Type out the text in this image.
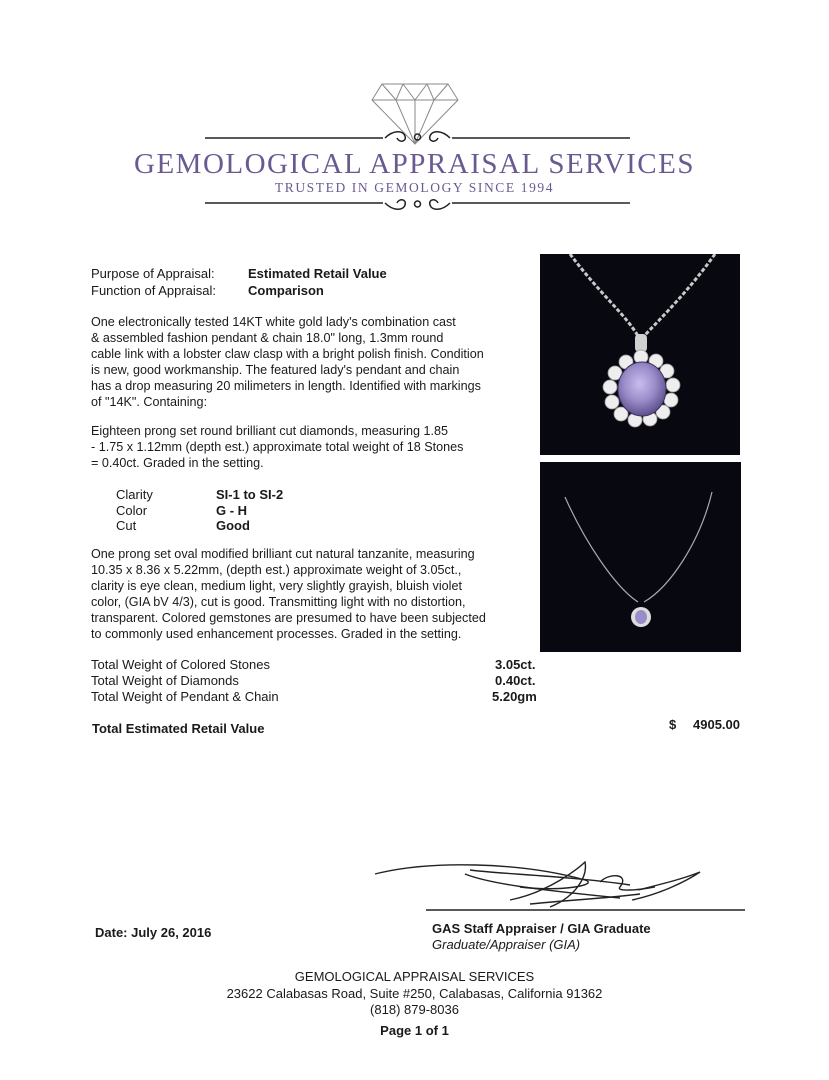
GEMOLOGICAL APPRAISAL SERVICES
TRUSTED IN GEMOLOGY SINCE 1994
Purpose of Appraisal:	Estimated Retail Value
Function of Appraisal: Comparison
One electronically tested 14KT white gold lady's combination cast
& assembled fashion pendant & chain 18.0" long, 1.3mm round
cable link with a lobster claw clasp with a bright polish finish. Condition
is new, good workmanship. The featured lady's pendant and chain
has a drop measuring 20 milimeters in length. Identified with markings
of "14K". Containing:
Eighteen prong set round brilliant cut diamonds, measuring 1.85
- 1.75 x 1.12mm (depth est.) approximate total weight of 18 Stones
= 0.40ct. Graded in the setting.
Clarity	SI-1 to SI-2
Color	G - H
Cut	Good
One prong set oval modified brilliant cut natural tanzanite, measuring
10.35 x 8.36 x 5.22mm, (depth est.) approximate weight of 3.05ct.,
clarity is eye clean, medium light, very slightly grayish, bluish violet
color, (GIA bV 4/3), cut is good. Transmitting light with no distortion,
transparent. Colored gemstones are presumed to have been subjected
to commonly used enhancement processes. Graded in the setting.
Total Weight of Colored Stones	3.05ct.
Total Weight of Diamonds	0.40ct.
Total Weight of Pendant & Chain	5.20gm
Total Estimated Retail Value	$ 4905.00
Date: July 26, 2016	GAS Staff Appraiser / GIA Graduate
Graduate/Appraiser (GIA)
GEMOLOGICAL APPRAISAL SERVICES
23622 Calabasas Road, Suite #250, Calabasas, California 91362
(818) 879-8036
Page 1 of 1
